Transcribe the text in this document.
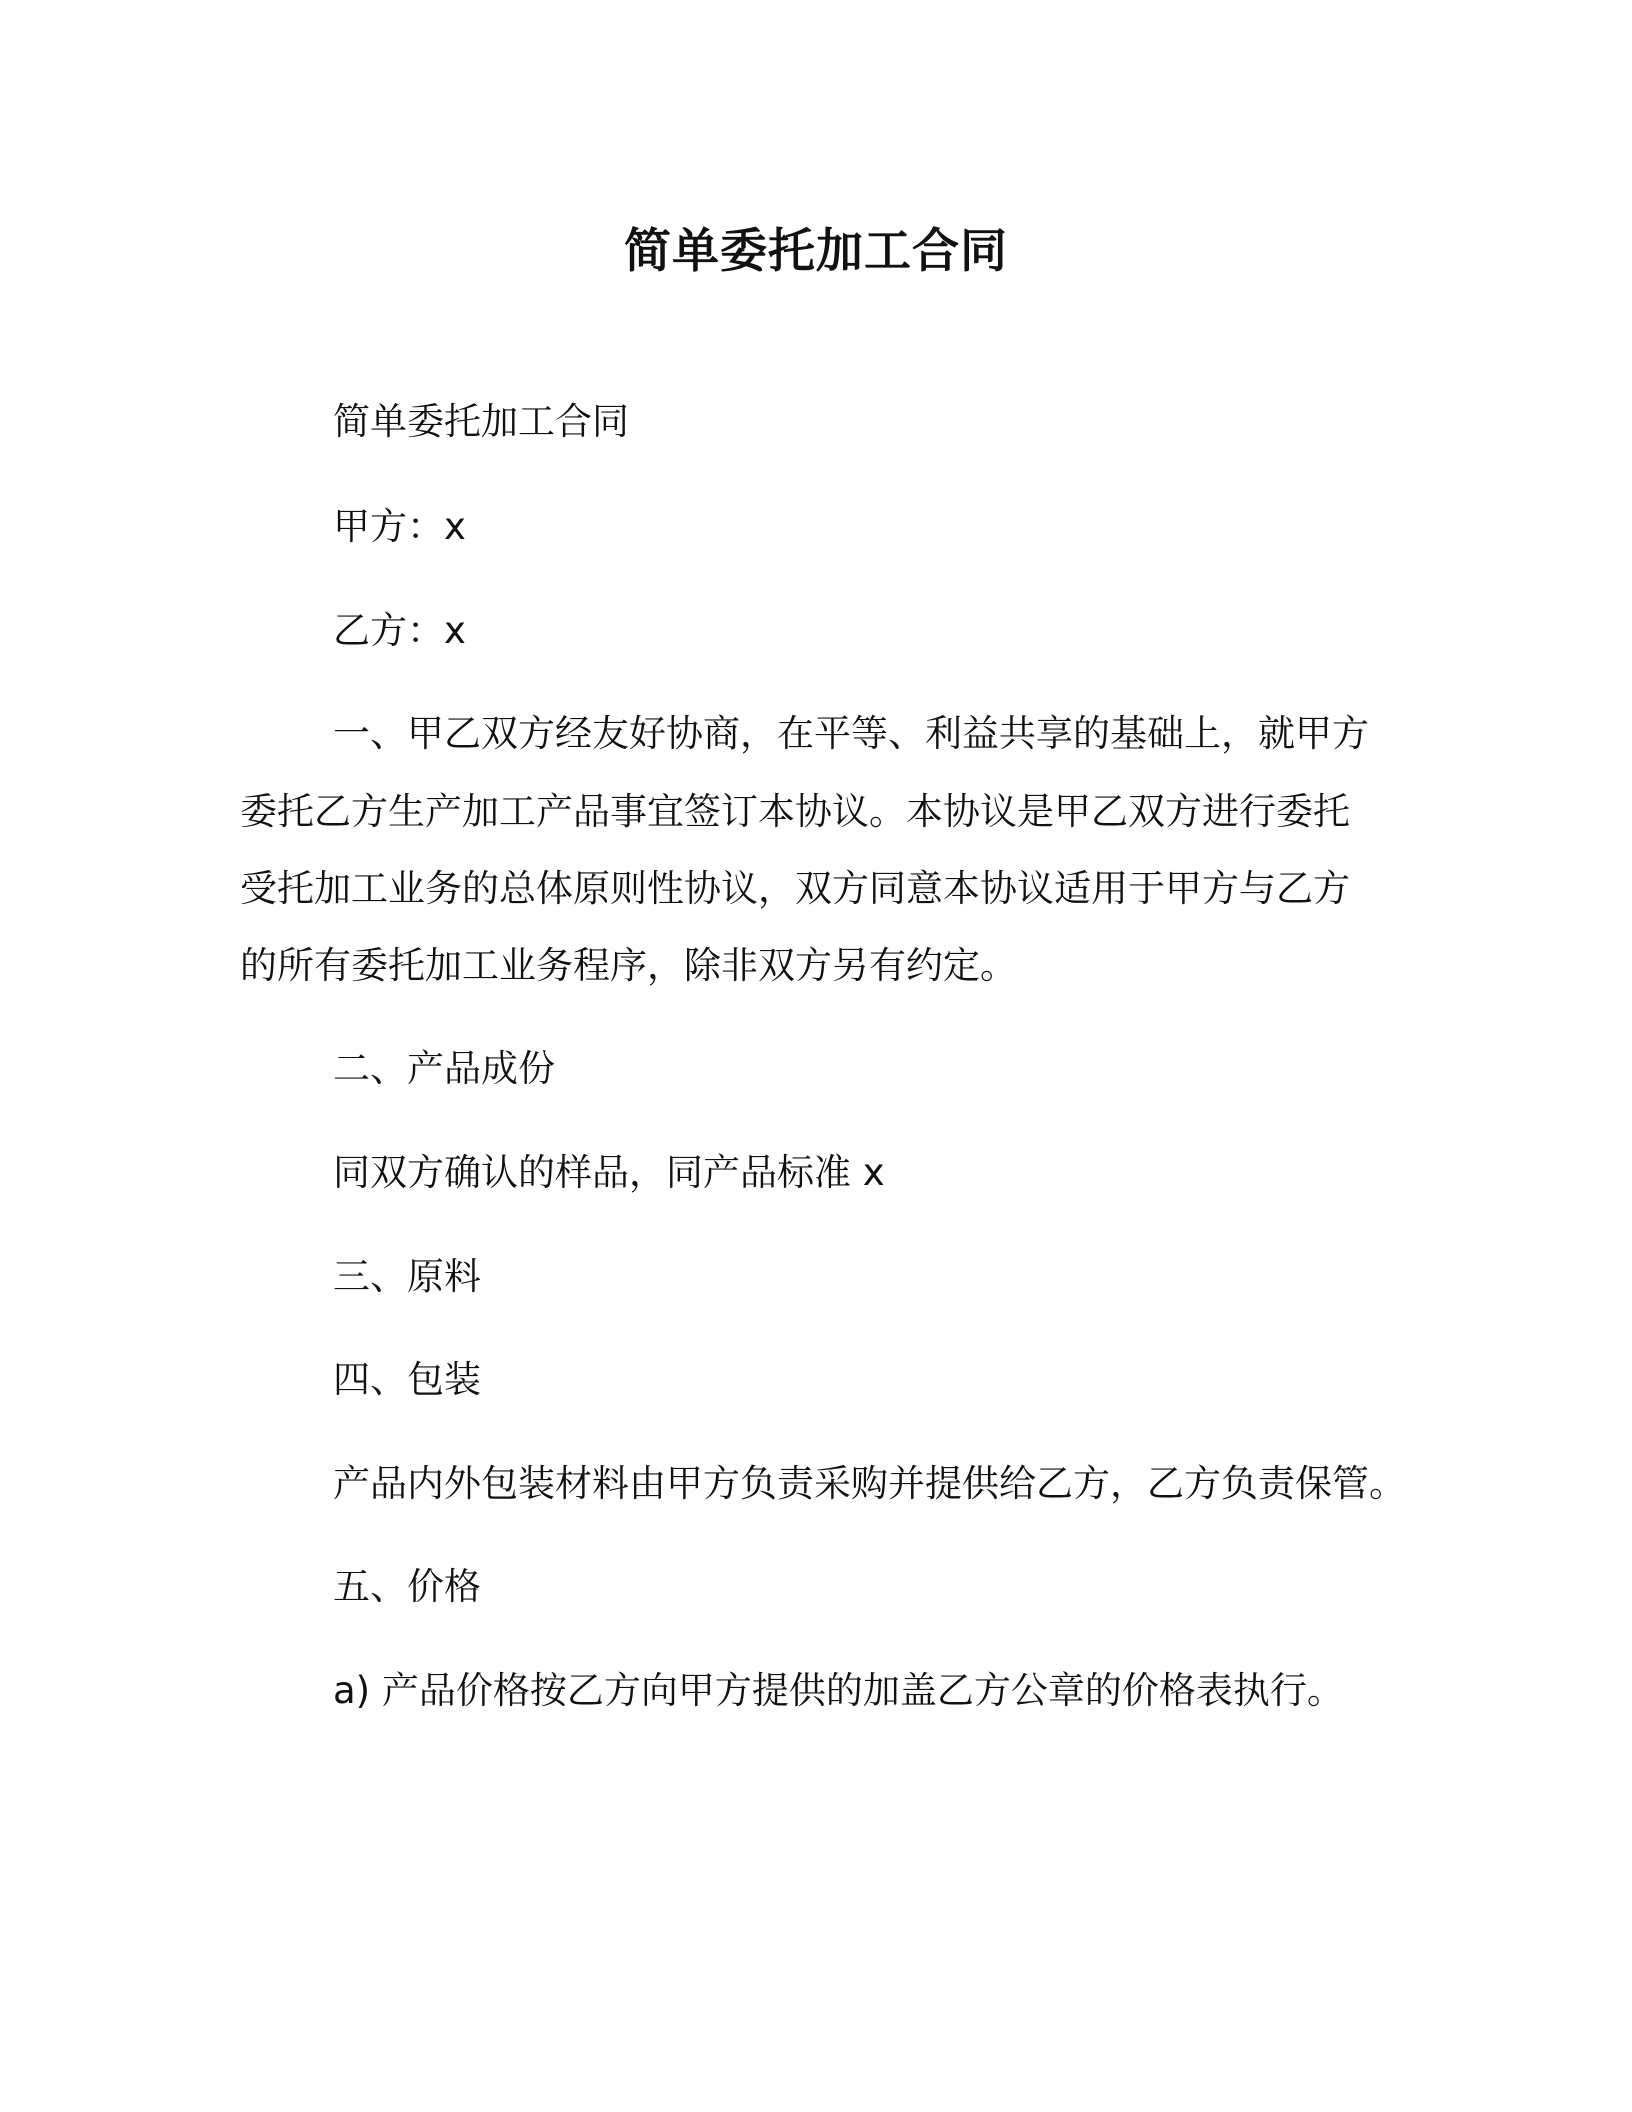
简单委托加工合同

简单委托加工合同

甲方：x

乙方：x

一、甲乙双方经友好协商，在平等、利益共享的基础上，就甲方

委托乙方生产加工产品事宜签订本协议。本协议是甲乙双方进行委托

受托加工业务的总体原则性协议，双方同意本协议适用于甲方与乙方

的所有委托加工业务程序，除非双方另有约定。

二、产品成份

同双方确认的样品，同产品标准 x

三、原料

四、包装

产品内外包装材料由甲方负责采购并提供给乙方，乙方负责保管。

五、价格

a) 产品价格按乙方向甲方提供的加盖乙方公章的价格表执行。
